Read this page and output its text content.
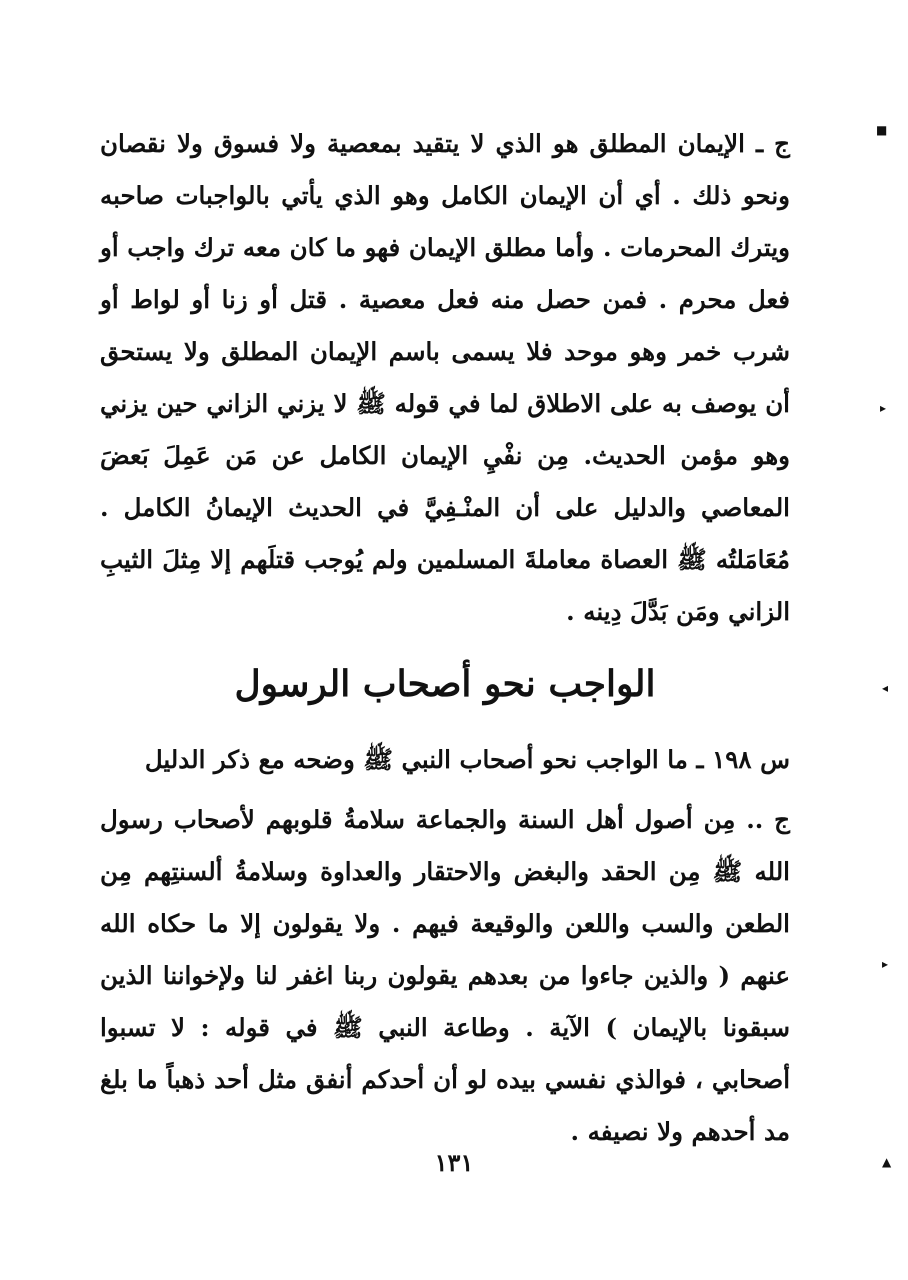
ج ـ الإيمان المطلق هو الذي لا يتقيد بمعصية ولا فسوق ولا نقصان ونحو ذلك . أي أن الإيمان الكامل وهو الذي يأتي بالواجبات صاحبه ويترك المحرمات . وأما مطلق الإيمان فهو ما كان معه ترك واجب أو فعل محرم . فمن حصل منه فعل معصية . قتل أو زنا أو لواط أو شرب خمر وهو موحد فلا يسمى باسم الإيمان المطلق ولا يستحق أن يوصف به على الاطلاق لما في قوله ﷺ لا يزني الزاني حين يزني وهو مؤمن الحديث. مِن نفْيِ الإيمان الكامل عن مَن عَمِلَ بَعضَ المعاصي والدليل على أن المنْـفِيَّ في الحديث الإيمانُ الكامل . مُعَامَلتُه ﷺ العصاة معاملةَ المسلمين ولم يُوجب قتلَهم إلا مِثلَ الثيبِ الزاني ومَن بَدَّلَ دِينه .

الواجب نحو أصحاب الرسول

س ١٩٨ ـ ما الواجب نحو أصحاب النبي ﷺ وضحه مع ذكر الدليل

ج .. مِن أصول أهل السنة والجماعة سلامةُ قلوبهم لأصحاب رسول الله ﷺ مِن الحقد والبغض والاحتقار والعداوة وسلامةُ ألسنتِهم مِن الطعن والسب واللعن والوقيعة فيهم . ولا يقولون إلا ما حكاه الله عنهم ( والذين جاءوا من بعدهم يقولون ربنا اغفر لنا ولإخواننا الذين سبقونا بالإيمان ) الآية . وطاعة النبي ﷺ في قوله : لا تسبوا أصحابي ، فوالذي نفسي بيده لو أن أحدكم أنفق مثل أحد ذهباً ما بلغ مد أحدهم ولا نصيفه .

١٣١
■
▸
◂
▸
▲
